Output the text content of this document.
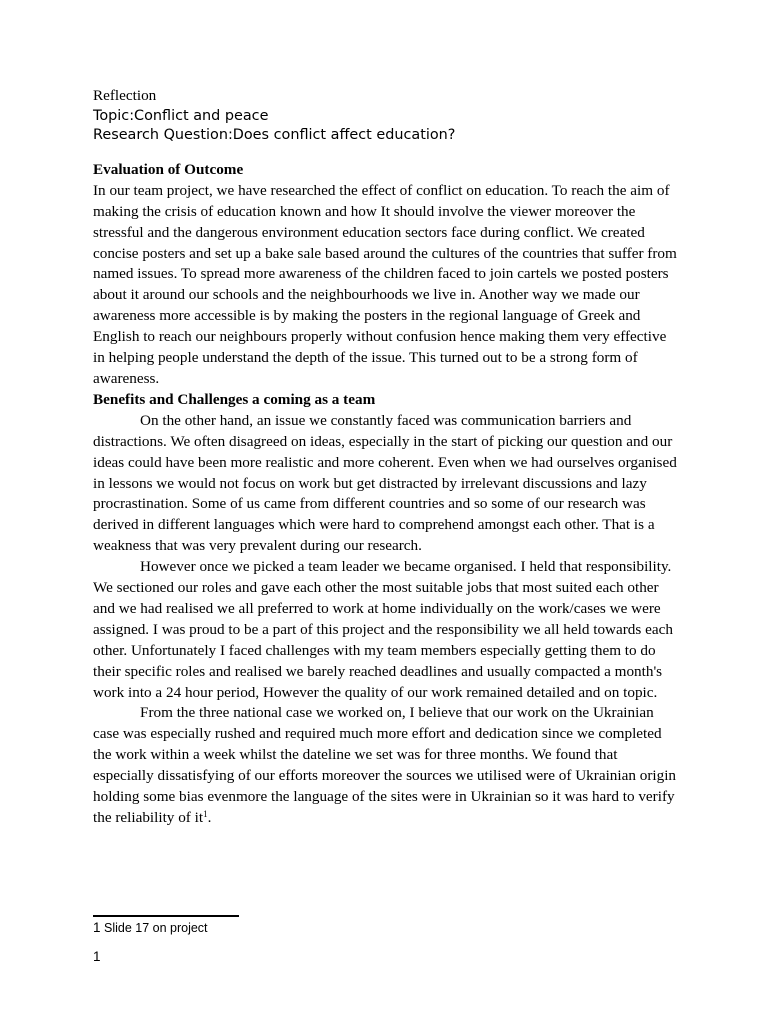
Reflection

Topic:Conflict and peace

Research Question:Does conflict affect education?

Evaluation of Outcome

In our team project, we have researched the effect of conflict on education. To reach the aim of making the crisis of education known and how It should involve the viewer moreover the stressful and the dangerous environment education sectors face during conflict. We created concise posters and set up a bake sale based around the cultures of the countries that suffer from named issues. To spread more awareness of the children faced to join cartels we posted posters about it around our schools and the neighbourhoods we live in. Another way we made our awareness more accessible is by making the posters in the regional language of Greek and English to reach our neighbours properly without confusion hence making them very effective in helping people understand the depth of the issue. This turned out to be a strong form of awareness.

Benefits and Challenges a coming as a team

On the other hand, an issue we constantly faced was communication barriers and distractions. We often disagreed on ideas, especially in the start of picking our question and our ideas could have been more realistic and more coherent. Even when we had ourselves organised in lessons we would not focus on work but get distracted by irrelevant discussions and lazy procrastination. Some of us came from different countries and so some of our research was derived in different languages which were hard to comprehend amongst each other. That is a weakness that was very prevalent during our research.

However once we picked a team leader we became organised. I held that responsibility. We sectioned our roles and gave each other the most suitable jobs that most suited each other and we had realised we all preferred to work at home individually on the work/cases we were assigned. I was proud to be a part of this project and the responsibility we all held towards each other. Unfortunately I faced challenges with my team members especially getting them to do their specific roles and realised we barely reached deadlines and usually compacted a month's work into a 24 hour period, However the quality of our work remained detailed and on topic.

From the three national case we worked on, I believe that our work on the Ukrainian case was especially rushed and required much more effort and dedication since we completed the work within a week whilst the dateline we set was for three months. We found that especially dissatisfying of our efforts moreover the sources we utilised were of Ukrainian origin holding some bias evenmore the language of the sites were in Ukrainian so it was hard to verify the reliability of $it^1$.

1 Slide 17 on project
1
